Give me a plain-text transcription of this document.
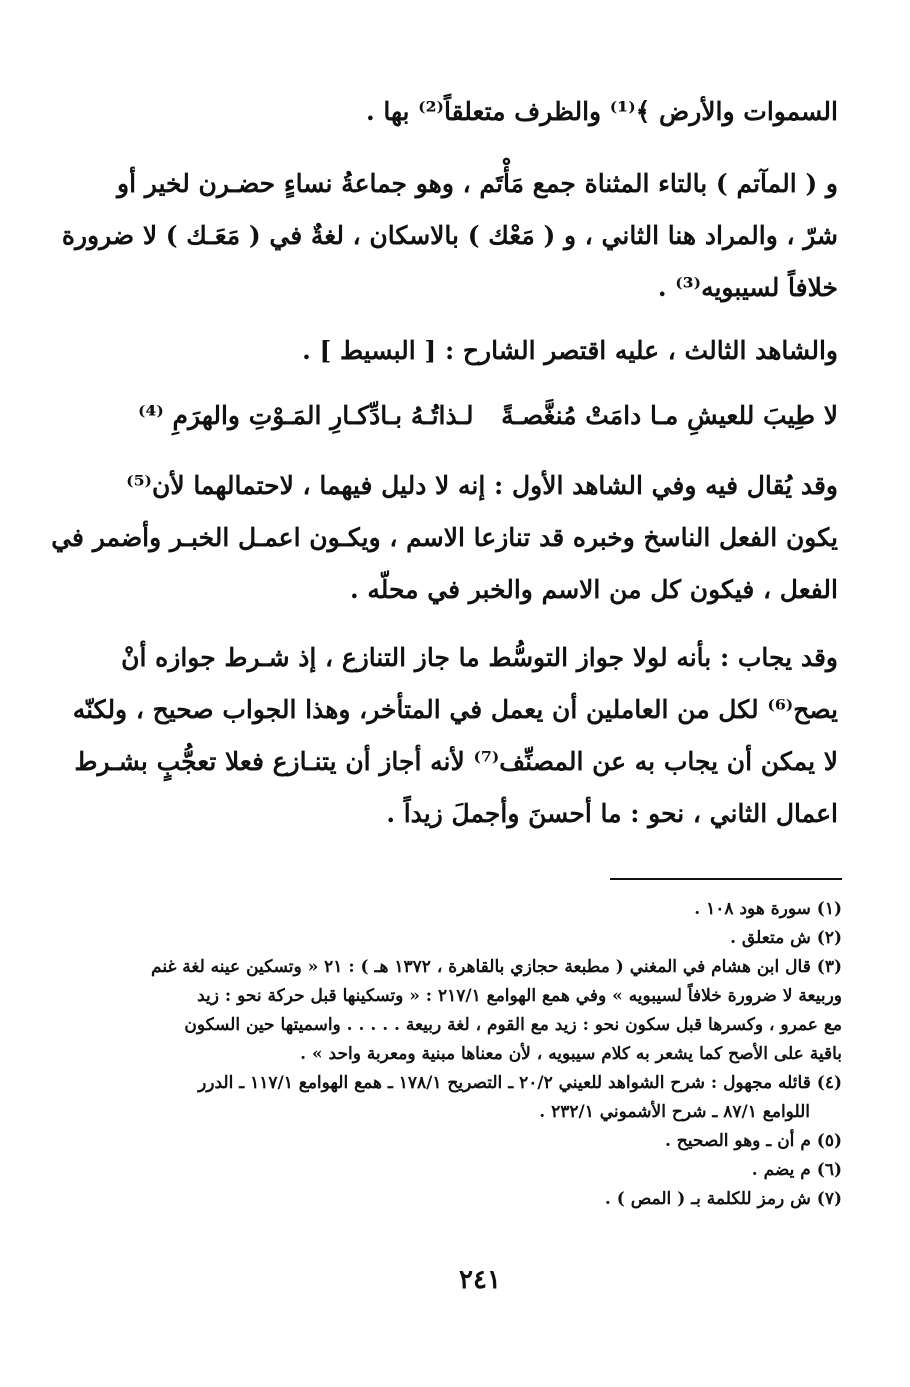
السموات والأرض ﴾⁽¹⁾ والظرف متعلقاً⁽²⁾ بها .
و ( المآتم ) بالتاء المثناة جمع مَأْتَم ، وهو جماعةُ نساءٍ حضـرن لخير أو
شرّ ، والمراد هنا الثاني ، و ( مَعْك ) بالاسكان ، لغةٌ في ( مَعَـك ) لا ضرورة
خلافاً لسيبويه⁽³⁾ .
والشاهد الثالث ، عليه اقتصر الشارح : [ البسيط ] .
لا طِيبَ للعيشِ مـا دامَتْ مُنغَّصـةً
لـذاتُـهُ بـادِّكـارِ المَـوْتِ والهرَمِ ⁽⁴⁾
وقد يُقال فيه وفي الشاهد الأول : إنه لا دليل فيهما ، لاحتمالهما لأن⁽⁵⁾
يكون الفعل الناسخ وخبره قد تنازعا الاسم ، ويكـون اعمـل الخبـر وأضمر في
الفعل ، فيكون كل من الاسم والخبر في محلّه .
وقد يجاب : بأنه لولا جواز التوسُّط ما جاز التنازع ، إذ شـرط جوازه أنْ
يصح⁽⁶⁾ لكل من العاملين أن يعمل في المتأخر، وهذا الجواب صحيح ، ولكنّه
لا يمكن أن يجاب به عن المصنِّف⁽⁷⁾ لأنه أجاز أن يتنـازع فعلا تعجُّبٍ بشـرط
اعمال الثاني ، نحو : ما أحسنَ وأجملَ زيداً .
(١) سورة هود ١٠٨ .
(٢) ش متعلق .
(٣) قال ابن هشام في المغني ( مطبعة حجازي بالقاهرة ، ١٣٧٢ هـ ) : ٢١ « وتسكين عينه لغة غنم
وربيعة لا ضرورة خلافاً لسيبويه » وفي همع الهوامع ٢١٧/١ : « وتسكينها قبل حركة نحو : زيد
مع عمرو ، وكسرها قبل سكون نحو : زيد مع القوم ، لغة ربيعة . . . . . واسميتها حين السكون
باقية على الأصح كما يشعر به كلام سيبويه ، لأن معناها مبنية ومعربة واحد » .
(٤) قائله مجهول : شرح الشواهد للعيني ٢٠/٢ ـ التصريح ١٧٨/١ ـ همع الهوامع ١١٧/١ ـ الدرر
اللوامع ٨٧/١ ـ شرح الأشموني ٢٣٢/١ .
(٥) م أن ـ وهو الصحيح .
(٦) م يضم .
(٧) ش رمز للكلمة بـ ( المص ) .
٢٤١
